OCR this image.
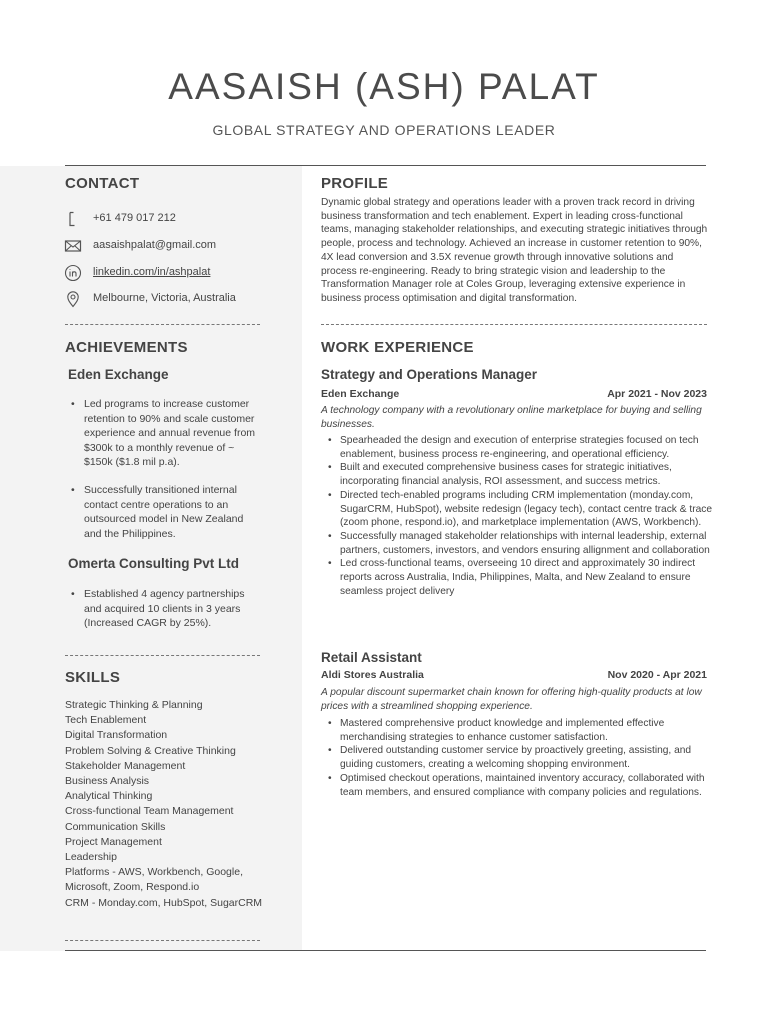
AASAISH (ASH) PALAT
GLOBAL STRATEGY AND OPERATIONS LEADER
CONTACT
+61 479 017 212
aasaishpalat@gmail.com
linkedin.com/in/ashpalat
Melbourne, Victoria, Australia
ACHIEVEMENTS
Eden Exchange
• Led programs to increase customer retention to 90% and scale customer experience and annual revenue from $300k to a monthly revenue of ~ $150k ($1.8 mil p.a).
• Successfully transitioned internal contact centre operations to an outsourced model in New Zealand and the Philippines.
Omerta Consulting Pvt Ltd
• Established 4 agency partnerships and acquired 10 clients in 3 years (Increased CAGR by 25%).
SKILLS
Strategic Thinking & Planning
Tech Enablement
Digital Transformation
Problem Solving & Creative Thinking
Stakeholder Management
Business Analysis
Analytical Thinking
Cross-functional Team Management
Communication Skills
Project Management
Leadership
Platforms - AWS, Workbench, Google, Microsoft, Zoom, Respond.io
CRM - Monday.com, HubSpot, SugarCRM
PROFILE

Dynamic global strategy and operations leader with a proven track record in driving business transformation and tech enablement. Expert in leading cross-functional teams, managing stakeholder relationships, and executing strategic initiatives through people, process and technology. Achieved an increase in customer retention to 90%, 4X lead conversion and 3.5X revenue growth through innovative solutions and process re-engineering. Ready to bring strategic vision and leadership to the Transformation Manager role at Coles Group, leveraging extensive experience in business process optimisation and digital transformation.

WORK EXPERIENCE
Strategy and Operations Manager
Eden Exchange	Apr 2021 - Nov 2023

A technology company with a revolutionary online marketplace for buying and selling businesses.

• Spearheaded the design and execution of enterprise strategies focused on tech enablement, business process re-engineering, and operational efficiency.
• Built and executed comprehensive business cases for strategic initiatives, incorporating financial analysis, ROI assessment, and success metrics.
• Directed tech-enabled programs including CRM implementation (monday.com, SugarCRM, HubSpot), website redesign (legacy tech), contact centre track & trace (zoom phone, respond.io), and marketplace implementation (AWS, Workbench).
• Successfully managed stakeholder relationships with internal leadership, external partners, customers, investors, and vendors ensuring allignment and collaboration
• Led cross-functional teams, overseeing 10 direct and approximately 30 indirect reports across Australia, India, Philippines, Malta, and New Zealand to ensure seamless project delivery
Retail Assistant
Aldi Stores Australia	Nov 2020 - Apr 2021

A popular discount supermarket chain known for offering high-quality products at low prices with a streamlined shopping experience.

• Mastered comprehensive product knowledge and implemented effective merchandising strategies to enhance customer satisfaction.
• Delivered outstanding customer service by proactively greeting, assisting, and guiding customers, creating a welcoming shopping environment.
• Optimised checkout operations, maintained inventory accuracy, collaborated with team members, and ensured compliance with company policies and regulations.
